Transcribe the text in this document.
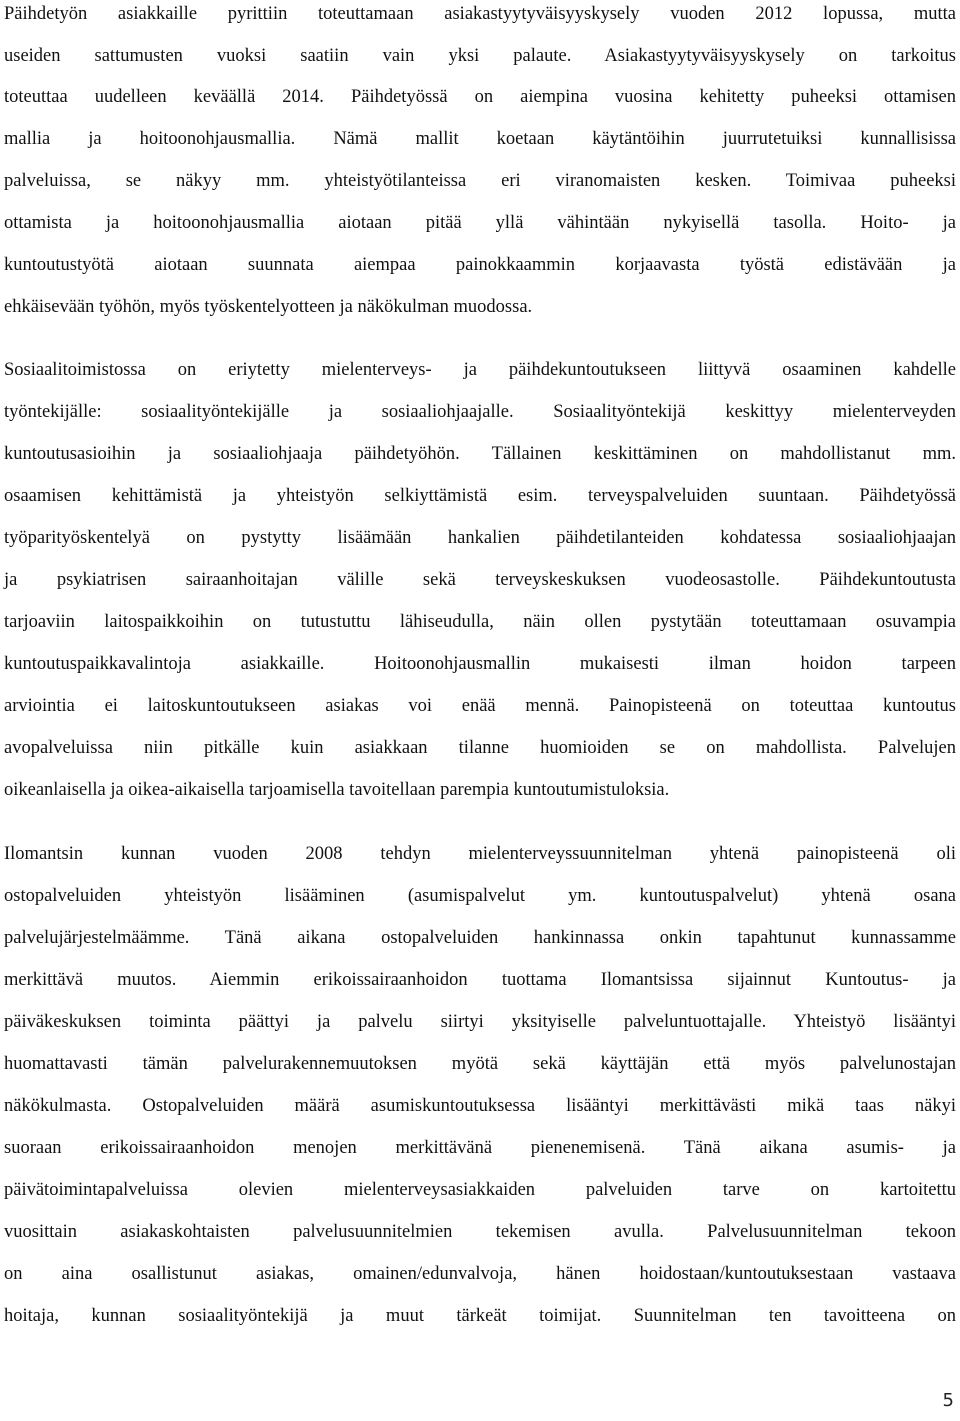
Päihdetyön asiakkaille pyrittiin toteuttamaan asiakastyytyväisyyskysely vuoden 2012 lopussa, mutta
useiden sattumusten vuoksi saatiin vain yksi palaute. Asiakastyytyväisyyskysely on tarkoitus
toteuttaa uudelleen keväällä 2014. Päihdetyössä on aiempina vuosina kehitetty puheeksi ottamisen
mallia ja hoitoonohjausmallia. Nämä mallit koetaan käytäntöihin juurrutetuiksi kunnallisissa
palveluissa, se näkyy mm. yhteistyötilanteissa eri viranomaisten kesken. Toimivaa puheeksi
ottamista ja hoitoonohjausmallia aiotaan pitää yllä vähintään nykyisellä tasolla. Hoito- ja
kuntoutustyötä aiotaan suunnata aiempaa painokkaammin korjaavasta työstä edistävään ja
ehkäisevään työhön, myös työskentelyotteen ja näkökulman muodossa.
Sosiaalitoimistossa on eriytetty mielenterveys- ja päihdekuntoutukseen liittyvä osaaminen kahdelle
työntekijälle: sosiaalityöntekijälle ja sosiaaliohjaajalle. Sosiaalityöntekijä keskittyy mielenterveyden
kuntoutusasioihin ja sosiaaliohjaaja päihdetyöhön. Tällainen keskittäminen on mahdollistanut mm.
osaamisen kehittämistä ja yhteistyön selkiyttämistä esim. terveyspalveluiden suuntaan. Päihdetyössä
työparityöskentelyä on pystytty lisäämään hankalien päihdetilanteiden kohdatessa sosiaaliohjaajan
ja psykiatrisen sairaanhoitajan välille sekä terveyskeskuksen vuodeosastolle. Päihdekuntoutusta
tarjoaviin laitospaikkoihin on tutustuttu lähiseudulla, näin ollen pystytään toteuttamaan osuvampia
kuntoutuspaikkavalintoja asiakkaille. Hoitoonohjausmallin mukaisesti ilman hoidon tarpeen
arviointia ei laitoskuntoutukseen asiakas voi enää mennä. Painopisteenä on toteuttaa kuntoutus
avopalveluissa niin pitkälle kuin asiakkaan tilanne huomioiden se on mahdollista. Palvelujen
oikeanlaisella ja oikea-aikaisella tarjoamisella tavoitellaan parempia kuntoutumistuloksia.
Ilomantsin kunnan vuoden 2008 tehdyn mielenterveyssuunnitelman yhtenä painopisteenä oli
ostopalveluiden yhteistyön lisääminen (asumispalvelut ym. kuntoutuspalvelut) yhtenä osana
palvelujärjestelmäämme. Tänä aikana ostopalveluiden hankinnassa onkin tapahtunut kunnassamme
merkittävä muutos. Aiemmin erikoissairaanhoidon tuottama Ilomantsissa sijainnut Kuntoutus- ja
päiväkeskuksen toiminta päättyi ja palvelu siirtyi yksityiselle palveluntuottajalle. Yhteistyö lisääntyi
huomattavasti tämän palvelurakennemuutoksen myötä sekä käyttäjän että myös palvelunostajan
näkökulmasta. Ostopalveluiden määrä asumiskuntoutuksessa lisääntyi merkittävästi mikä taas näkyi
suoraan erikoissairaanhoidon menojen merkittävänä pienenemisenä. Tänä aikana asumis- ja
päivätoimintapalveluissa olevien mielenterveysasiakkaiden palveluiden tarve on kartoitettu
vuosittain asiakaskohtaisten palvelusuunnitelmien tekemisen avulla. Palvelusuunnitelman tekoon
on aina osallistunut asiakas, omainen/edunvalvoja, hänen hoidostaan/kuntoutuksestaan vastaava
hoitaja, kunnan sosiaalityöntekijä ja muut tärkeät toimijat. Suunnitelman ten tavoitteena on
5
